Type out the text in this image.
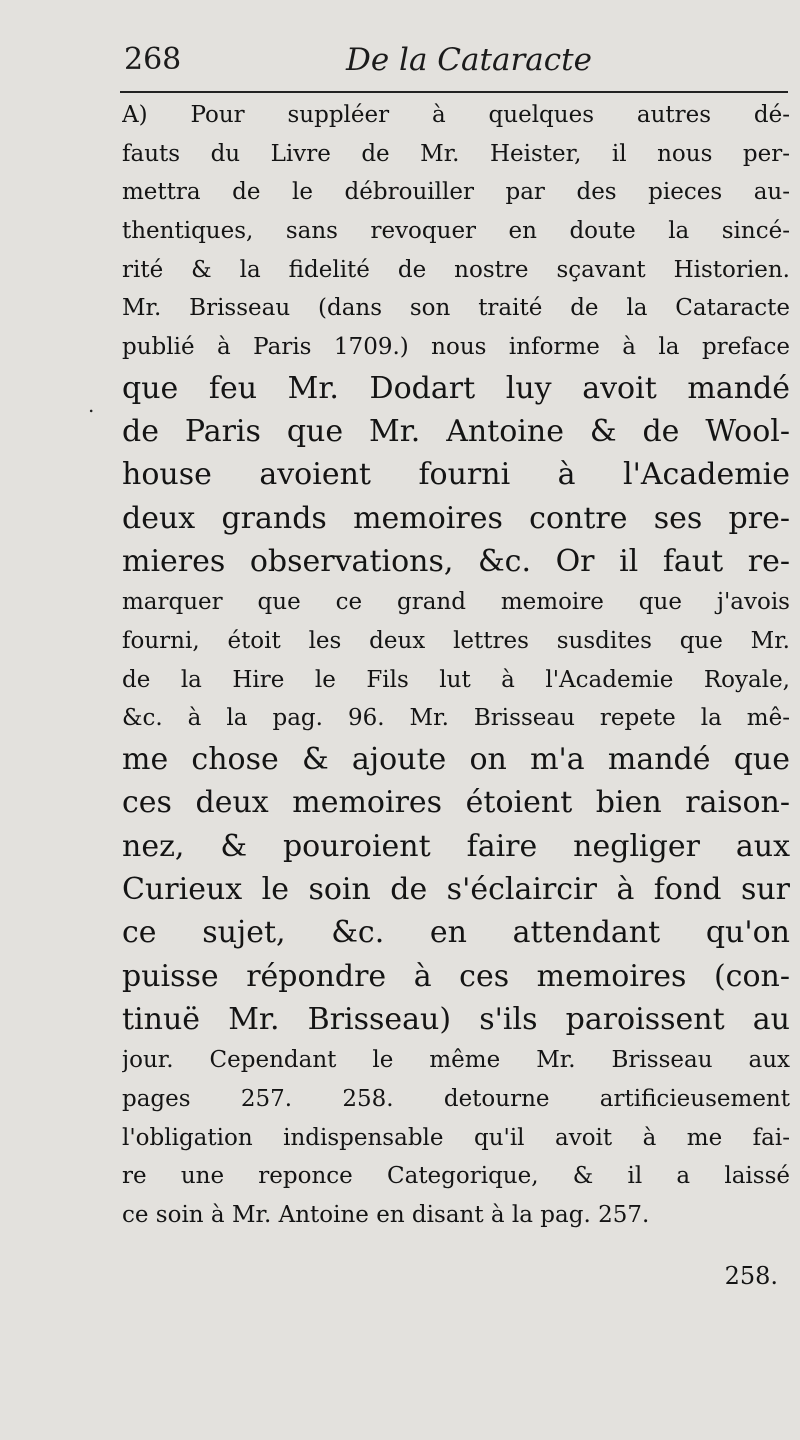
268	De la Cataracte
.
A) Pour suppléer à quelques autres dé-
fauts du Livre de Mr. Heister, il nous per-
mettra de le débrouiller par des pieces au-
thentiques, sans revoquer en doute la sincé-
rité & la fidelité de nostre sçavant Historien.
Mr. Brisseau (dans son traité de la Cataracte
publié à Paris 1709.) nous informe à la preface
que feu Mr. Dodart luy avoit mandé
de Paris que Mr. Antoine & de Wool-
house avoient fourni à l'Academie
deux grands memoires contre ses pre-
mieres observations, &c. Or il faut re-
marquer que ce grand memoire que j'avois
fourni, étoit les deux lettres susdites que Mr.
de la Hire le Fils lut à l'Academie Royale,
&c. à la pag. 96. Mr. Brisseau repete la mê-
me chose & ajoute on m'a mandé que
ces deux memoires étoient bien raison-
nez, & pouroient faire negliger aux
Curieux le soin de s'éclaircir à fond sur
ce sujet, &c. en attendant qu'on
puisse répondre à ces memoires (con-
tinuë Mr. Brisseau) s'ils paroissent au
jour. Cependant le même Mr. Brisseau aux
pages 257. 258. detourne artificieusement
l'obligation indispensable qu'il avoit à me fai-
re une reponce Categorique, & il a laissé
ce soin à Mr. Antoine en disant à la pag. 257.
258.
